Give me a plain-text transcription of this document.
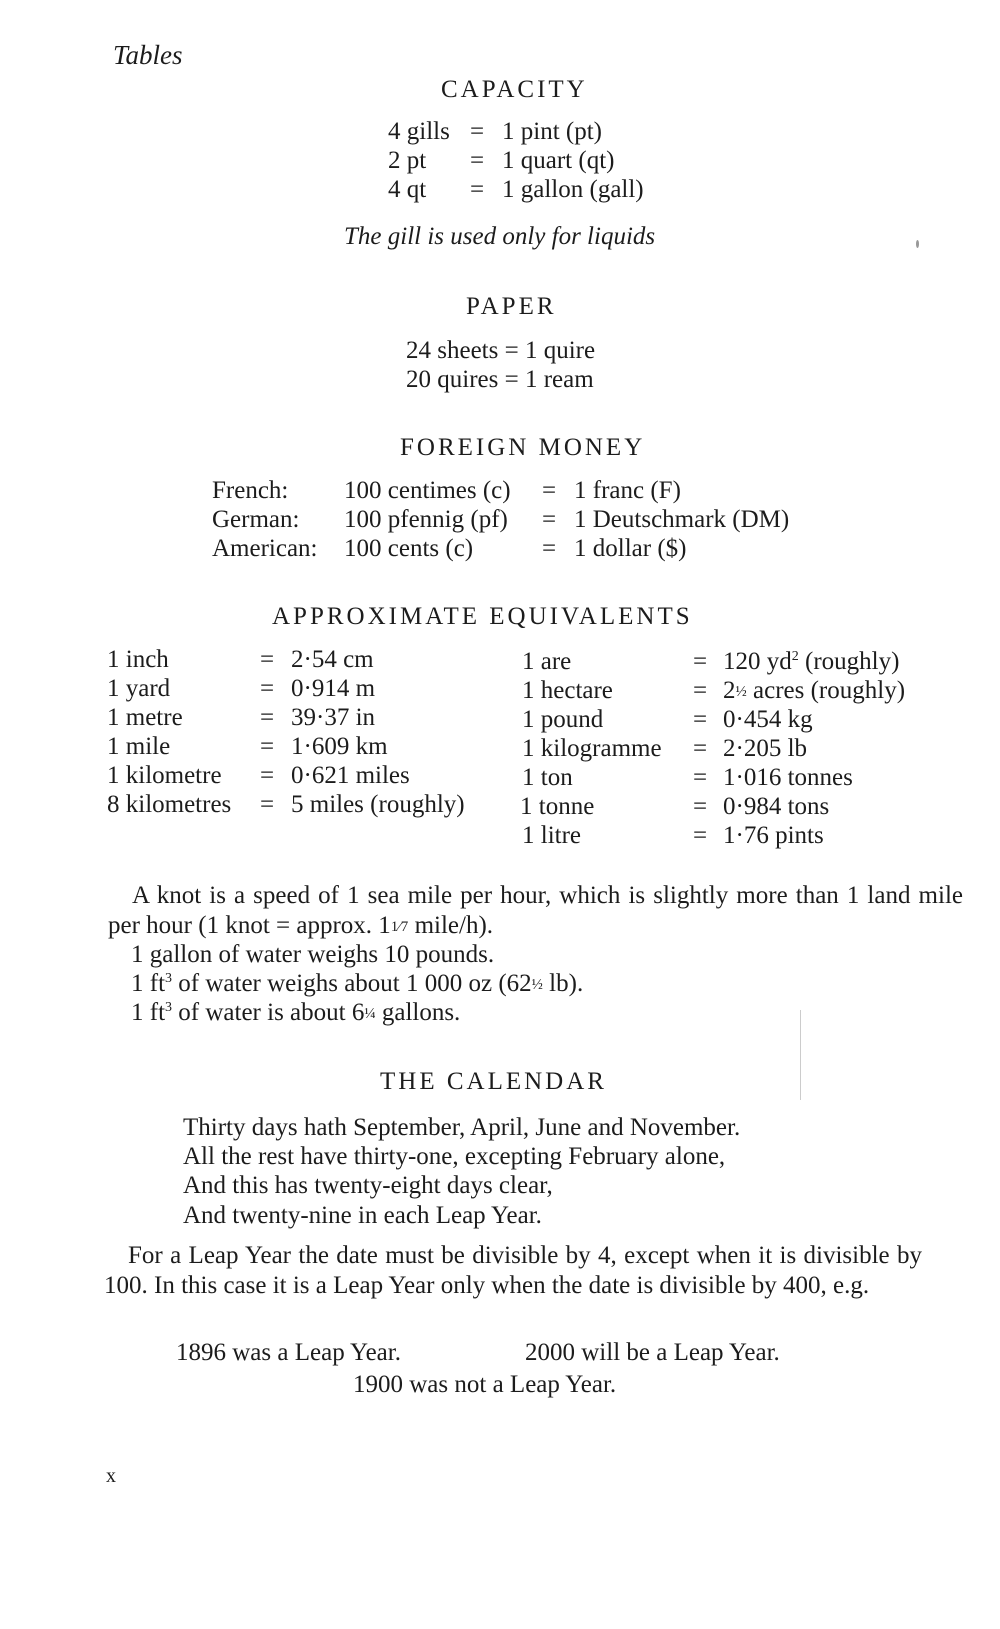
Tables
CAPACITY
4 gills = 1 pint (pt)
2 pt = 1 quart (qt)
4 qt = 1 gallon (gall)
The gill is used only for liquids
PAPER
24 sheets = 1 quire
20 quires = 1 ream
FOREIGN MONEY
French: 100 centimes (c) = 1 franc (F)
German: 100 pfennig (pf) = 1 Deutschmark (DM)
American: 100 cents (c)	= 1 dollar ($)
APPROXIMATE EQUIVALENTS
1 inch	= 2·54 cm
1 yard	= 0·914 m
1 metre	= 39·37 in
1 mile	= 1·609 km
1 kilometre = 0·621 miles
8 kilometres = 5 miles (roughly)
1 are	= 120 $yd^2$ (roughly)
1 hectare	= 2½ acres (roughly)
1 pound	= 0·454 kg
1 kilogramme = 2·205 lb
1 ton	= 1·016 tonnes
1 tonne	= 0·984 tons
1 litre	= 1·76 pints
A knot is a speed of 1 sea mile per hour, which is slightly more than 1 land mile per hour (1 knot = approx. 11⁄7 mile/h).
1 gallon of water weighs 10 pounds.
1 $ft^3$ of water weighs about 1 000 oz (62½ lb).
1 $ft^3$ of water is about 6¼ gallons.
THE CALENDAR
Thirty days hath September, April, June and November.
All the rest have thirty-one, excepting February alone,
And this has twenty-eight days clear,
And twenty-nine in each Leap Year.
For a Leap Year the date must be divisible by 4, except when it is divisible by 100. In this case it is a Leap Year only when the date is divisible by 400, e.g.
1896 was a Leap Year.	2000 will be a Leap Year.
1900 was not a Leap Year.
x
